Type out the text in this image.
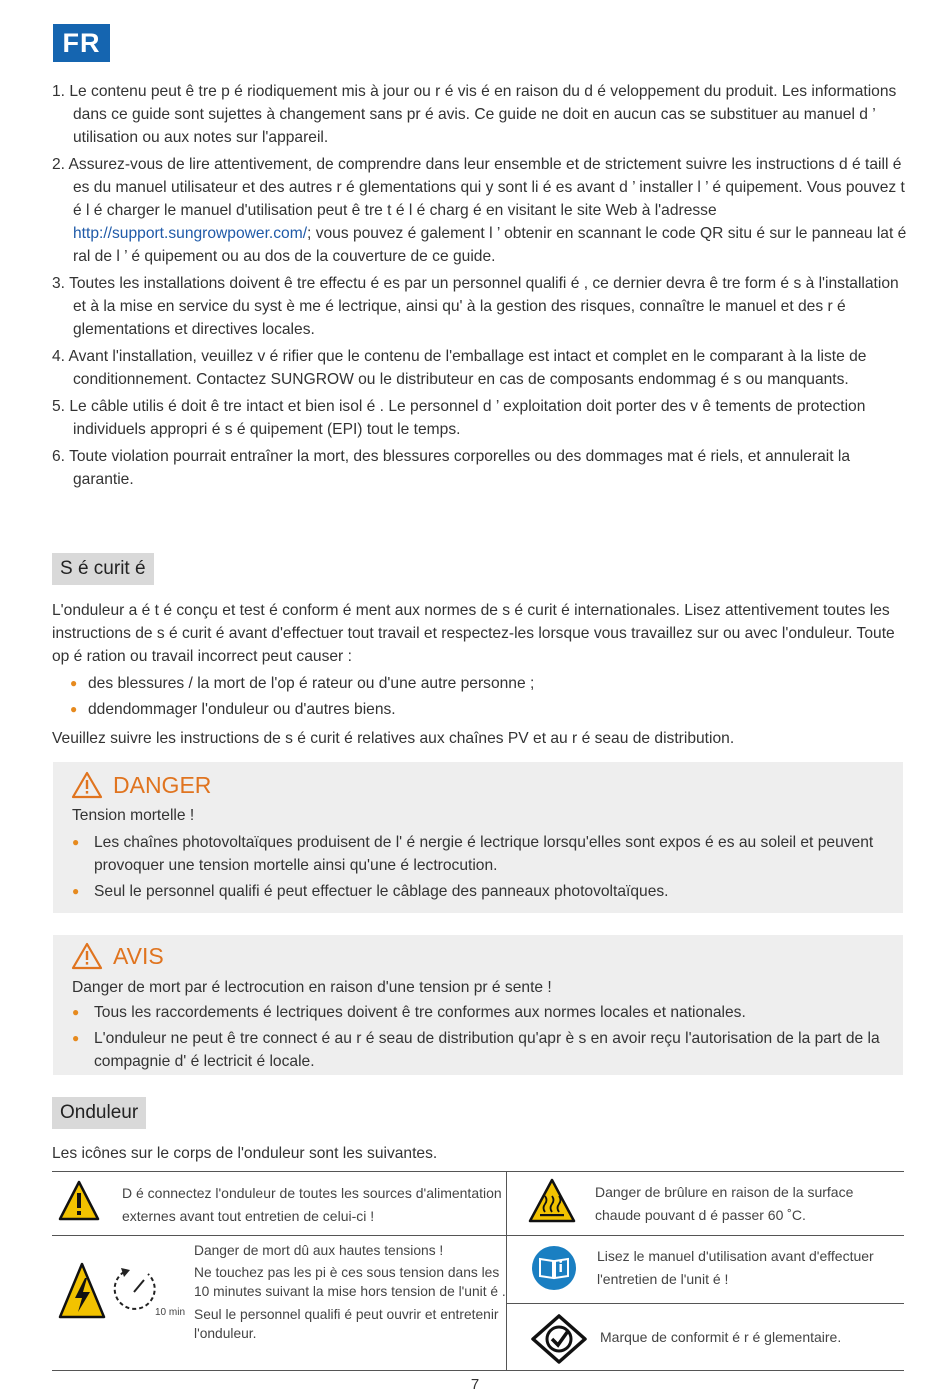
FR
1. Le contenu peut ê tre p é riodiquement mis à jour ou r é vis é en raison du d é veloppement du produit. Les informations dans ce guide sont sujettes à changement sans pr é avis. Ce guide ne doit en aucun cas se substituer au manuel d ’ utilisation ou aux notes sur l'appareil.
2. Assurez-vous de lire attentivement, de comprendre dans leur ensemble et de strictement suivre les instructions d é taill é es du manuel utilisateur et des autres r é glementations qui y sont li é es avant d ’ installer l ’ é quipement. Vous pouvez t é l é charger le manuel d'utilisation peut ê tre t é l é charg é en visitant le site Web à l'adresse http://support.sungrowpower.com/; vous pouvez é galement l ’ obtenir en scannant le code QR situ é sur le panneau lat é ral de l ’ é quipement ou au dos de la couverture de ce guide.
3. Toutes les installations doivent ê tre effectu é es par un personnel qualifi é , ce dernier devra ê tre form é s à l'installation et à la mise en service du syst è me é lectrique, ainsi qu' à la gestion des risques, connaître le manuel et des r é glementations et directives locales.
4. Avant l'installation, veuillez v é rifier que le contenu de l'emballage est intact et complet en le comparant à la liste de conditionnement. Contactez SUNGROW ou le distributeur en cas de composants endommag é s ou manquants.
5. Le câble utilis é doit ê tre intact et bien isol é . Le personnel d ’ exploitation doit porter des v ê tements de protection individuels appropri é s é quipement (EPI) tout le temps.
6. Toute violation pourrait entraîner la mort, des blessures corporelles ou des dommages mat é riels, et annulerait la garantie.
S é curit é

L'onduleur a é t é conçu et test é conform é ment aux normes de s é curit é internationales. Lisez attentivement toutes les instructions de s é curit é avant d'effectuer tout travail et respectez-les lorsque vous travaillez sur ou avec l'onduleur. Toute op é ration ou travail incorrect peut causer :

● des blessures / la mort de l'op é rateur ou d'une autre personne ;
● ddendommager l'onduleur ou d'autres biens.

Veuillez suivre les instructions de s é curit é relatives aux chaînes PV et au r é seau de distribution.

DANGER
Tension mortelle !
● Les chaînes photovoltaïques produisent de l' é nergie é lectrique lorsqu'elles sont expos é es au soleil et peuvent provoquer une tension mortelle ainsi qu'une é lectrocution.
● Seul le personnel qualifi é peut effectuer le câblage des panneaux photovoltaïques.
AVIS
Danger de mort par é lectrocution en raison d'une tension pr é sente !
● Tous les raccordements é lectriques doivent ê tre conformes aux normes locales et nationales.
● L'onduleur ne peut ê tre connect é au r é seau de distribution qu'apr è s en avoir reçu l'autorisation de la part de la compagnie d' é lectricit é locale.
Onduleur

Les icônes sur le corps de l'onduleur sont les suivantes.

D é connectez l'onduleur de toutes les sources d'alimentation externes avant tout entretien de celui-ci !
Danger de brûlure en raison de la surface chaude pouvant d é passer 60 ˚C.
10 min
Danger de mort dû aux hautes tensions !
Ne touchez pas les pi è ces sous tension dans les 10 minutes suivant la mise hors tension de l'unit é .
Seul le personnel qualifi é peut ouvrir et entretenir l'onduleur.
Lisez le manuel d'utilisation avant d'effectuer l'entretien de l'unit é !
Marque de conformit é r é glementaire.
7
